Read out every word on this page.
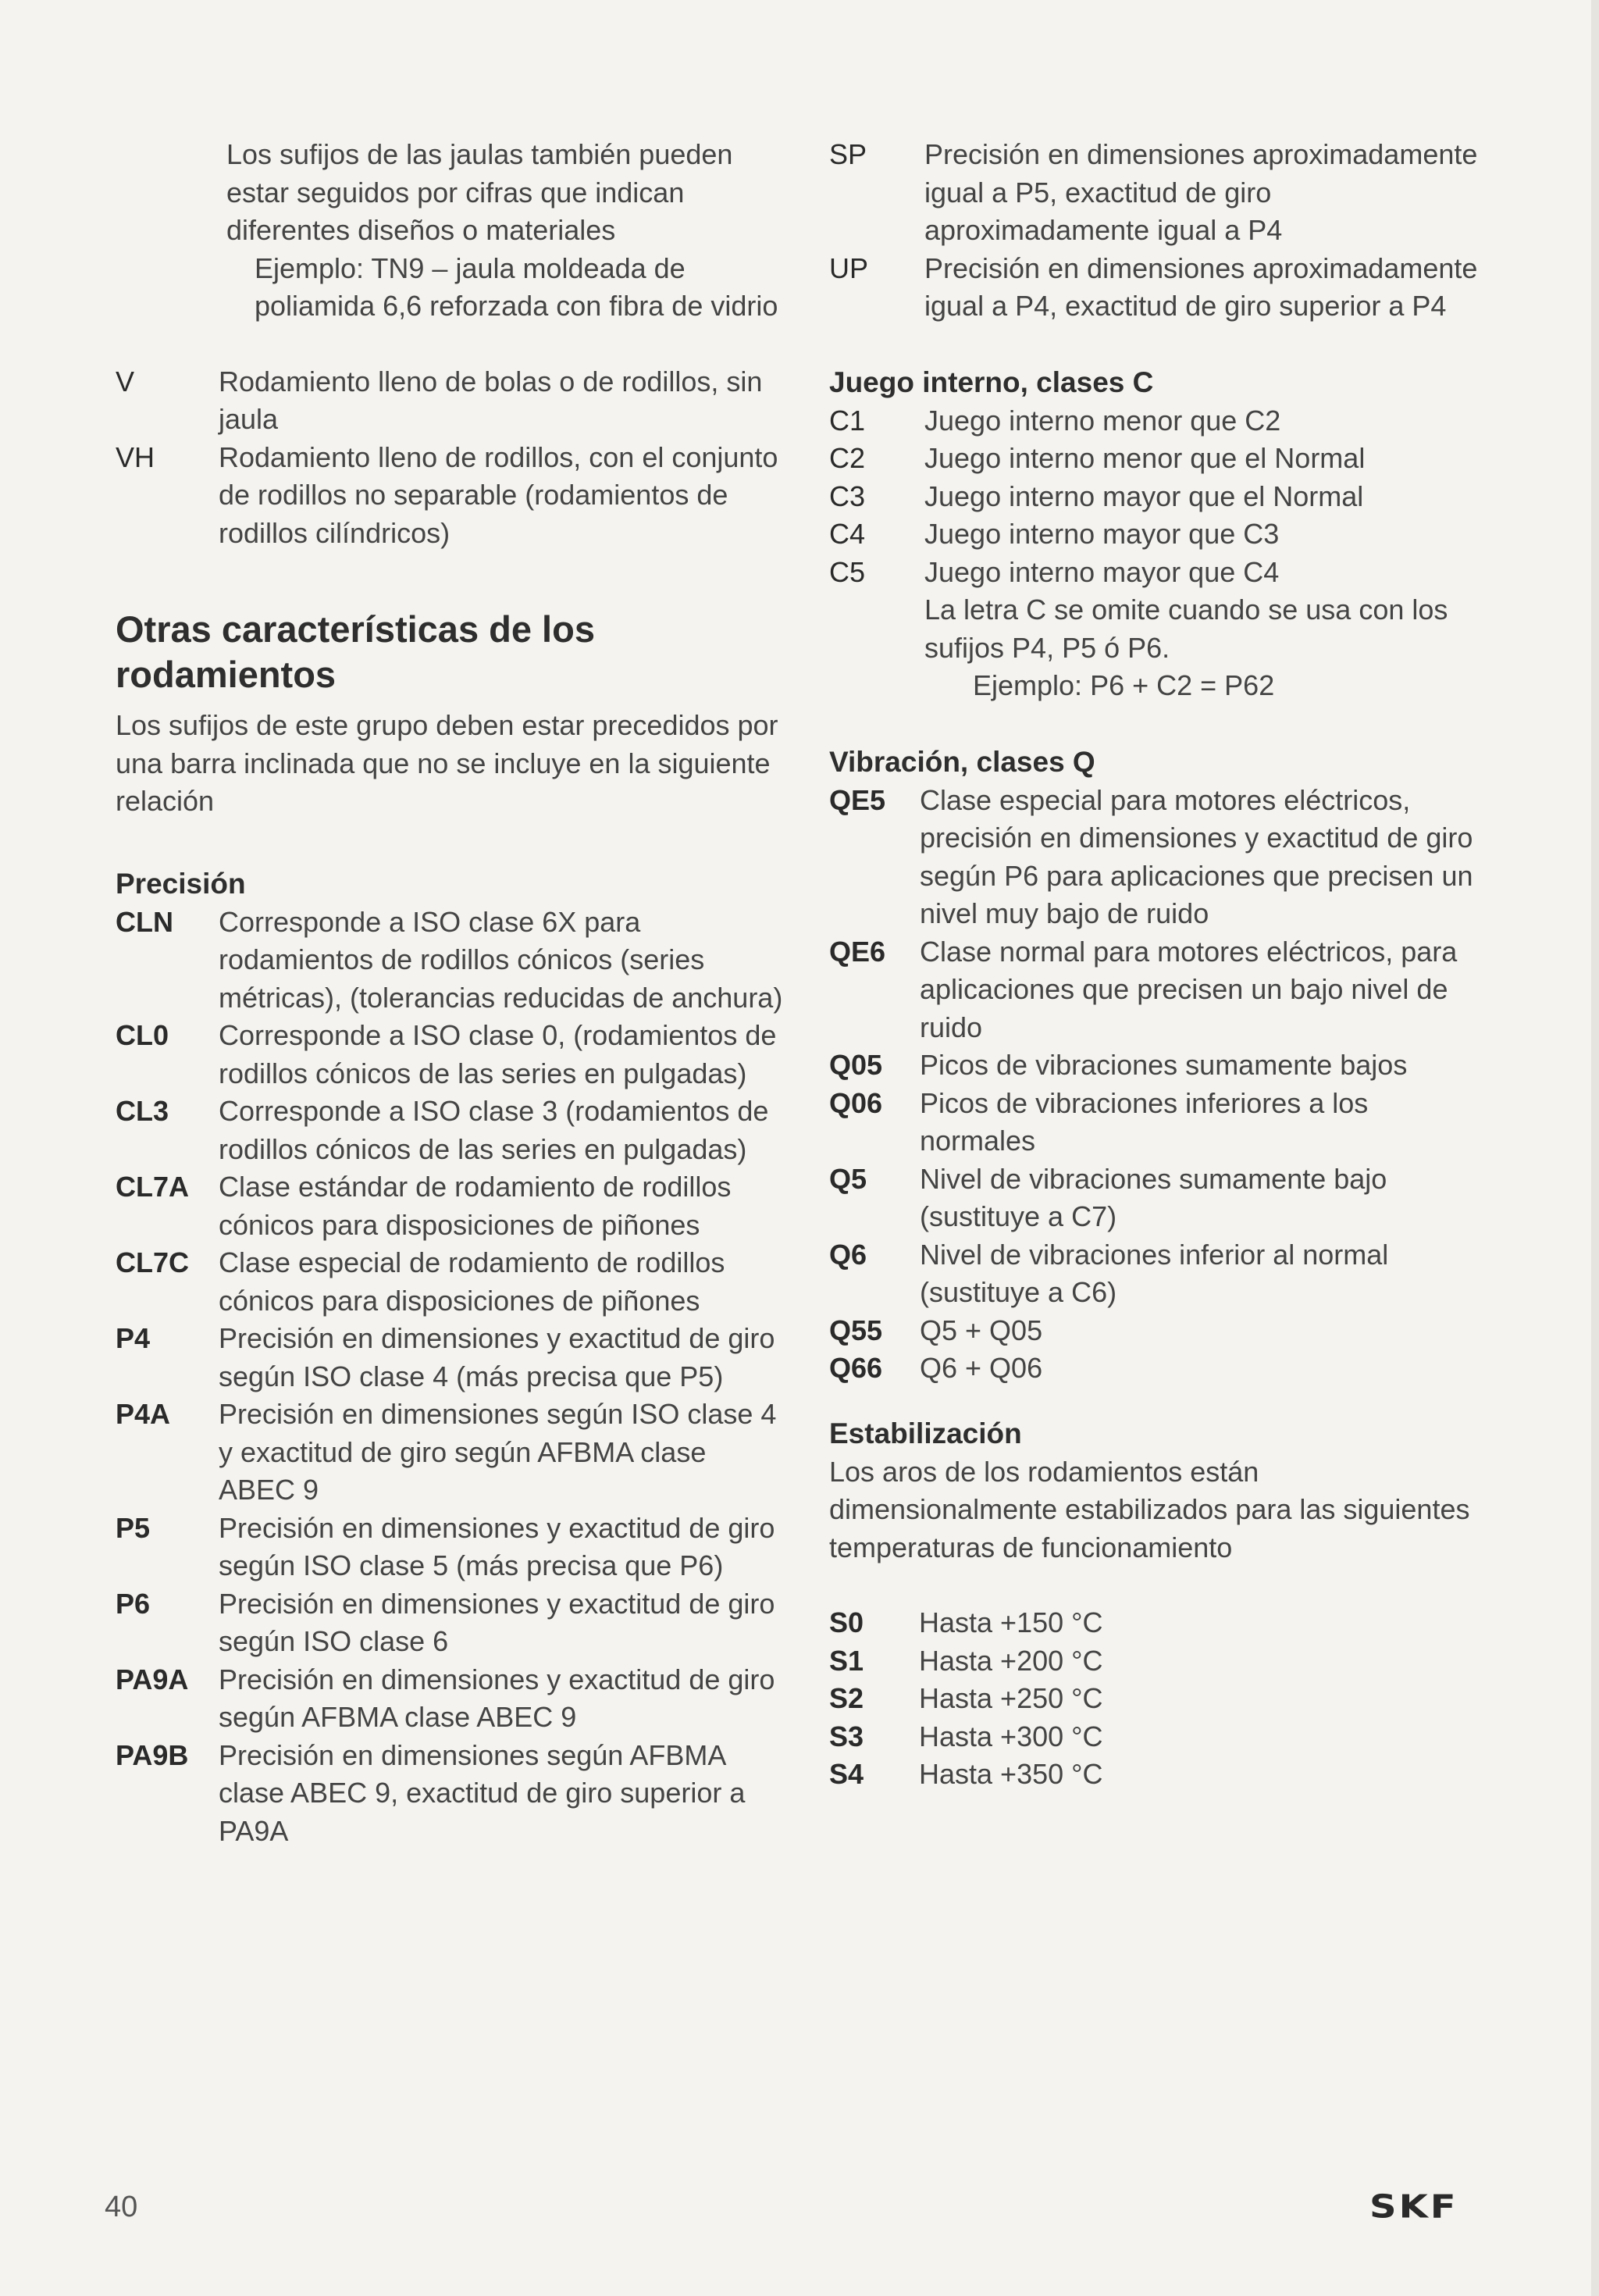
Los sufijos de las jaulas también pueden estar seguidos por cifras que indican diferentes diseños o materiales
Ejemplo: TN9 – jaula moldeada de poliamida 6,6 reforzada con fibra de vidrio
V	Rodamiento lleno de bolas o de rodillos, sin jaula
VH	Rodamiento lleno de rodillos, con el conjunto de rodillos no separable (rodamientos de rodillos cilíndricos)
Otras características de los rodamientos
Los sufijos de este grupo deben estar precedidos por una barra inclinada que no se incluye en la siguiente relación
Precisión
CLN	Corresponde a ISO clase 6X para rodamientos de rodillos cónicos (series métricas), (tolerancias reducidas de anchura)
CL0	Corresponde a ISO clase 0, (rodamientos de rodillos cónicos de las series en pulgadas)
CL3	Corresponde a ISO clase 3 (rodamientos de rodillos cónicos de las series en pulgadas)
CL7A	Clase estándar de rodamiento de rodillos cónicos para disposiciones de piñones
CL7C	Clase especial de rodamiento de rodillos cónicos para disposiciones de piñones
P4	Precisión en dimensiones y exactitud de giro según ISO clase 4 (más precisa que P5)
P4A	Precisión en dimensiones según ISO clase 4 y exactitud de giro según AFBMA clase ABEC 9
P5	Precisión en dimensiones y exactitud de giro según ISO clase 5 (más precisa que P6)
P6	Precisión en dimensiones y exactitud de giro según ISO clase 6
PA9A	Precisión en dimensiones y exactitud de giro según AFBMA clase ABEC 9
PA9B	Precisión en dimensiones según AFBMA clase ABEC 9, exactitud de giro superior a PA9A
SP	Precisión en dimensiones aproximadamente igual a P5, exactitud de giro aproximadamente igual a P4
UP	Precisión en dimensiones aproximadamente igual a P4, exactitud de giro superior a P4
Juego interno, clases C
C1	Juego interno menor que C2
C2	Juego interno menor que el Normal
C3	Juego interno mayor que el Normal
C4	Juego interno mayor que C3
C5	Juego interno mayor que C4
La letra C se omite cuando se usa con los sufijos P4, P5 ó P6.
Ejemplo: P6 + C2 = P62
Vibración, clases Q
QE5	Clase especial para motores eléctricos, precisión en dimensiones y exactitud de giro según P6 para aplicaciones que precisen un nivel muy bajo de ruido
QE6	Clase normal para motores eléctricos, para aplicaciones que precisen un bajo nivel de ruido
Q05	Picos de vibraciones sumamente bajos
Q06	Picos de vibraciones inferiores a los normales
Q5	Nivel de vibraciones sumamente bajo (sustituye a C7)
Q6	Nivel de vibraciones inferior al normal (sustituye a C6)
Q55	Q5 + Q05
Q66	Q6 + Q06
Estabilización
Los aros de los rodamientos están dimensionalmente estabilizados para las siguientes temperaturas de funcionamiento
S0	Hasta +150 °C
S1	Hasta +200 °C
S2	Hasta +250 °C
S3	Hasta +300 °C
S4	Hasta +350 °C
40	SKF
